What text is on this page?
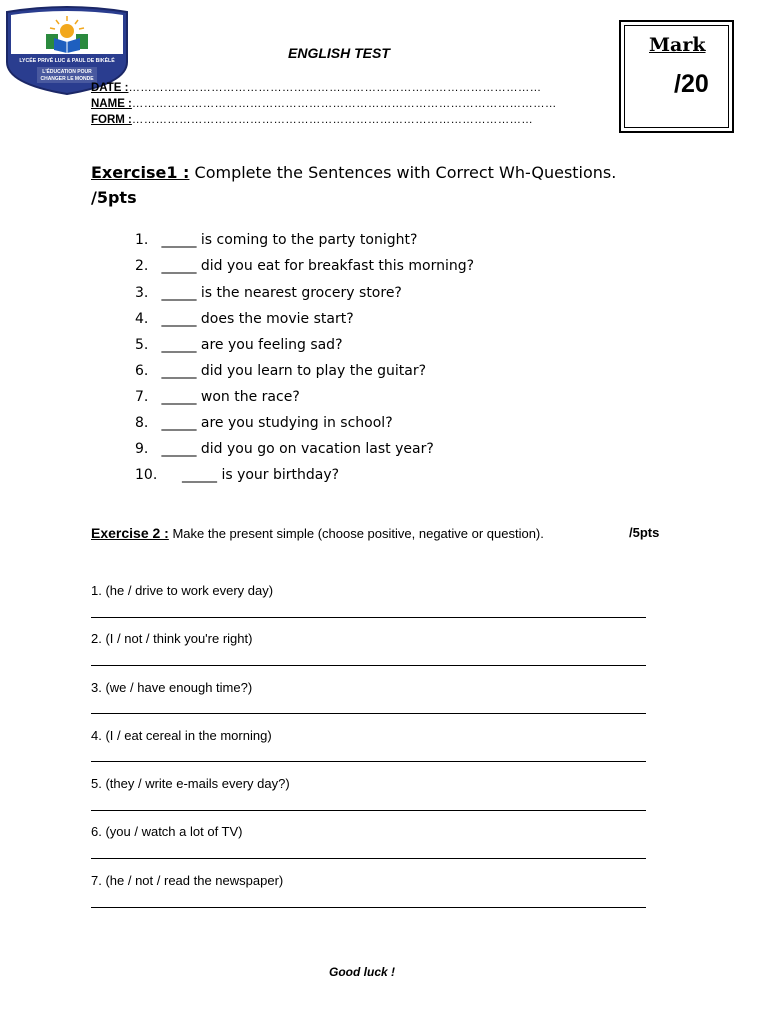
LYCÉE PRIVÉ LUC & PAUL DE BIKÉLÉ
L'ÉDUCATION POUR
CHANGER LE MONDE
ENGLISH TEST
DATE :……………………………………………………………………………………………
NAME :………………………………………………………………………………………………
FORM :…………………………………………………………………………………………
Mark
/20
Exercise1 : Complete the Sentences with Correct Wh-Questions.
/5pts
1. _____ is coming to the party tonight?
2. _____ did you eat for breakfast this morning?
3. _____ is the nearest grocery store?
4. _____ does the movie start?
5. _____ are you feeling sad?
6. _____ did you learn to play the guitar?
7. _____ won the race?
8. _____ are you studying in school?
9. _____ did you go on vacation last year?
10. _____ is your birthday?
Exercise 2 : Make the present simple (choose positive, negative or question).	/5pts
1. (he / drive to work every day)
2. (I / not / think you're right)
3. (we / have enough time?)
4. (I / eat cereal in the morning)
5. (they / write e-mails every day?)
6. (you / watch a lot of TV)
7. (he / not / read the newspaper)
Good luck !
